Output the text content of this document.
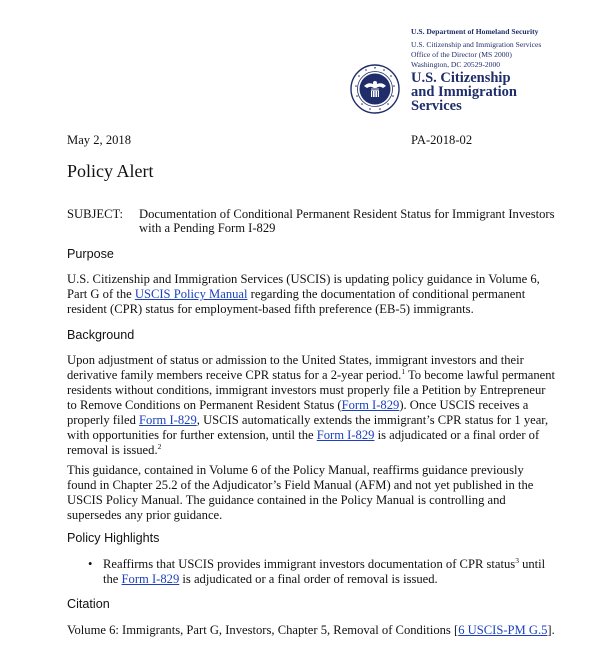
U.S. Department of Homeland Security
U.S. Citizenship and Immigration Services
Office of the Director (MS 2000)
Washington, DC 20529-2000
U.S. Citizenship
and Immigration
Services
May 2, 2018	PA-2018-02
Policy Alert
SUBJECT: Documentation of Conditional Permanent Resident Status for Immigrant Investors
with a Pending Form I-829
Purpose

U.S. Citizenship and Immigration Services (USCIS) is updating policy guidance in Volume 6,

Part G of the USCIS Policy Manual regarding the documentation of conditional permanent

resident (CPR) status for employment-based fifth preference (EB-5) immigrants.

Background

Upon adjustment of status or admission to the United States, immigrant investors and their

derivative family members receive CPR status for a 2-year period.$^1$ To become lawful permanent

residents without conditions, immigrant investors must properly file a Petition by Entrepreneur

to Remove Conditions on Permanent Resident Status (Form I-829). Once USCIS receives a

properly filed Form I-829, USCIS automatically extends the immigrant’s CPR status for 1 year,

with opportunities for further extension, until the Form I-829 is adjudicated or a final order of

removal is issued.$^2$

This guidance, contained in Volume 6 of the Policy Manual, reaffirms guidance previously

found in Chapter 25.2 of the Adjudicator’s Field Manual (AFM) and not yet published in the

USCIS Policy Manual. The guidance contained in the Policy Manual is controlling and

supersedes any prior guidance.

Policy Highlights
• Reaffirms that USCIS provides immigrant investors documentation of CPR status$^3$ until

the Form I-829 is adjudicated or a final order of removal is issued.

Citation
Volume 6: Immigrants, Part G, Investors, Chapter 5, Removal of Conditions [6 USCIS-PM G.5].
